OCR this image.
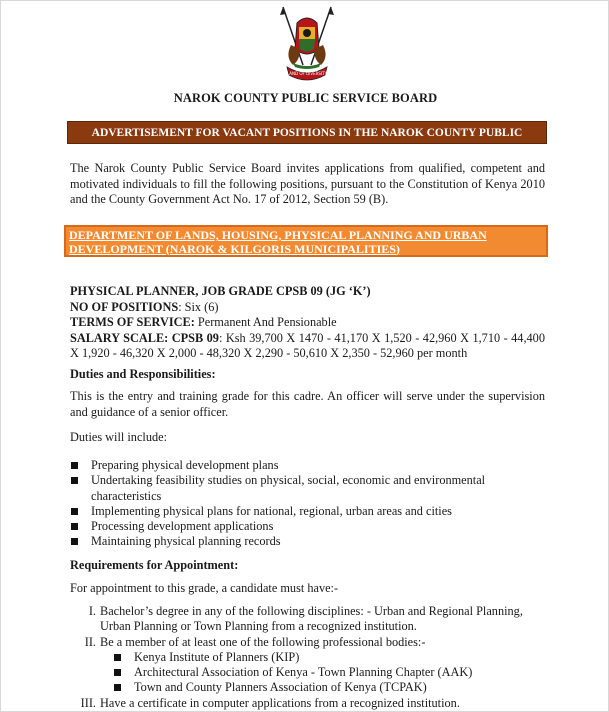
LAND OF DIVERSITY
NAROK COUNTY PUBLIC SERVICE BOARD
ADVERTISEMENT FOR VACANT POSITIONS IN THE NAROK COUNTY PUBLIC SERVICE
The Narok County Public Service Board invites applications from qualified, competent and motivated individuals to fill the following positions, pursuant to the Constitution of Kenya 2010 and the County Government Act No. 17 of 2012, Section 59 (B).
DEPARTMENT OF LANDS, HOUSING, PHYSICAL PLANNING AND URBAN DEVELOPMENT (NAROK & KILGORIS MUNICIPALITIES)
PHYSICAL PLANNER, JOB GRADE CPSB 09 (JG ‘K’)
NO OF POSITIONS: Six (6)
TERMS OF SERVICE: Permanent And Pensionable
SALARY SCALE: CPSB 09: Ksh 39,700 X 1470 - 41,170 X 1,520 - 42,960 X 1,710 - 44,400 X 1,920 - 46,320 X 2,000 - 48,320 X 2,290 - 50,610 X 2,350 - 52,960 per month
Duties and Responsibilities:
This is the entry and training grade for this cadre. An officer will serve under the supervision and guidance of a senior officer.
Duties will include:
Preparing physical development plans
Undertaking feasibility studies on physical, social, economic and environmental characteristics
Implementing physical plans for national, regional, urban areas and cities
Processing development applications
Maintaining physical planning records
Requirements for Appointment:
For appointment to this grade, a candidate must have:-
I. Bachelor’s degree in any of the following disciplines: - Urban and Regional Planning, Urban Planning or Town Planning from a recognized institution.
II. Be a member of at least one of the following professional bodies:-
Kenya Institute of Planners (KIP)
Architectural Association of Kenya - Town Planning Chapter (AAK)
Town and County Planners Association of Kenya (TCPAK)
III. Have a certificate in computer applications from a recognized institution.
